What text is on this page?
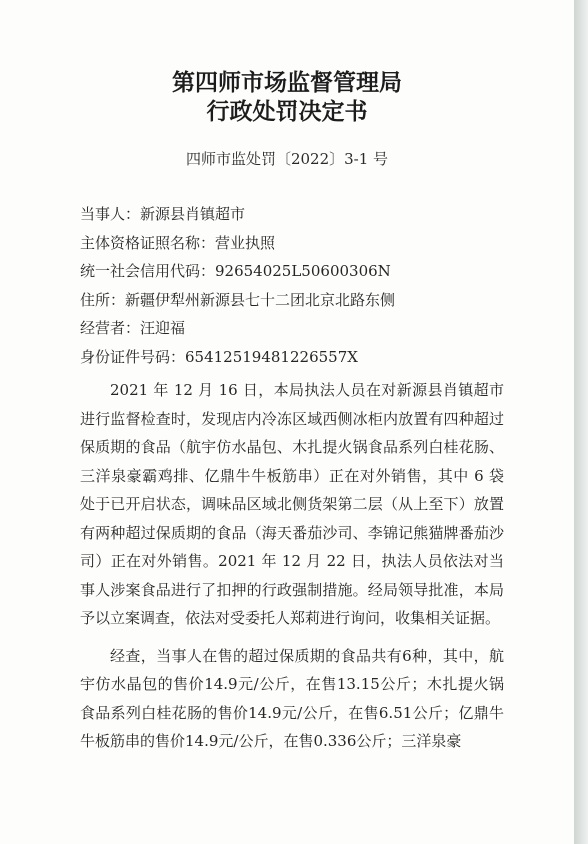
第四师市场监督管理局
行政处罚决定书
四师市监处罚〔2022〕3-1 号
当事人：新源县肖镇超市
主体资格证照名称：营业执照
统一社会信用代码：92654025L50600306N
住所：新疆伊犁州新源县七十二团北京北路东侧
经营者：汪迎福
身份证件号码：65412519481226557X

2021 年 12 月 16 日，本局执法人员在对新源县肖镇超市进行监督检查时，发现店内冷冻区域西侧冰柜内放置有四种超过保质期的食品（航宇仿水晶包、木扎提火锅食品系列白桂花肠、三洋泉豪霸鸡排、亿鼎牛牛板筋串）正在对外销售，其中 6 袋处于已开启状态，调味品区域北侧货架第二层（从上至下）放置有两种超过保质期的食品（海天番茄沙司、李锦记熊猫牌番茄沙司）正在对外销售。2021 年 12 月 22 日，执法人员依法对当事人涉案食品进行了扣押的行政强制措施。经局领导批准，本局予以立案调查，依法对受委托人郑莉进行询问，收集相关证据。

经查，当事人在售的超过保质期的食品共有6种，其中，航宇仿水晶包的售价14.9元/公斤，在售13.15公斤；木扎提火锅食品系列白桂花肠的售价14.9元/公斤，在售6.51公斤；亿鼎牛牛板筋串的售价14.9元/公斤，在售0.336公斤；三洋泉豪
